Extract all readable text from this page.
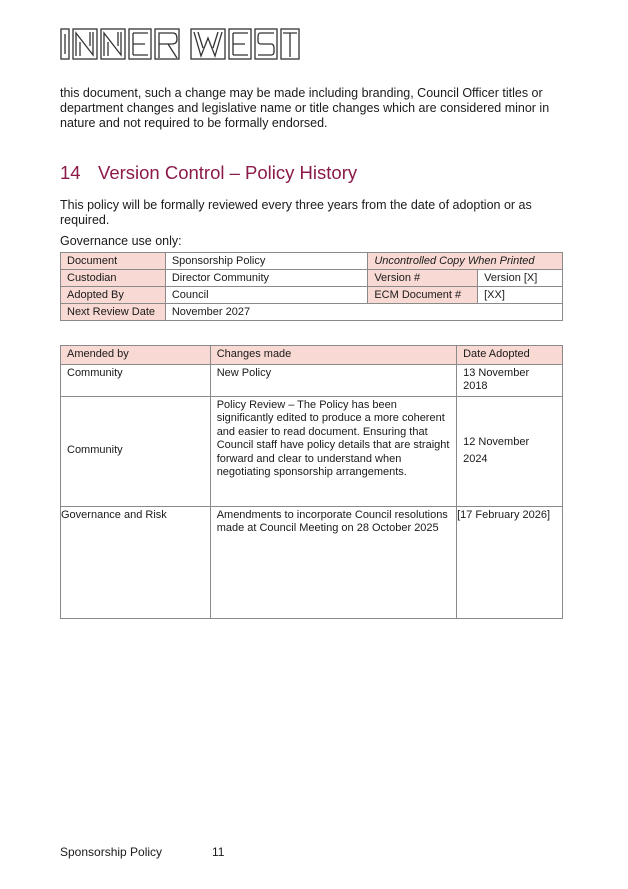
this document, such a change may be made including branding, Council Officer titles or department changes and legislative name or title changes which are considered minor in nature and not required to be formally endorsed.

14 Version Control – Policy History

This policy will be formally reviewed every three years from the date of adoption or as required.

Governance use only:

Document	Sponsorship Policy	Uncontrolled Copy When Printed	
Custodian	Director Community	Version #	Version [X]
Adopted By	Council	ECM Document #	[XX]
Next Review Date	November 2027		
Amended by	Changes made	Date Adopted
Community	New Policy	13 November 2018
Community	Policy Review – The Policy has been significantly edited to produce a more coherent and easier to read document. Ensuring that Council staff have policy details that are straight forward and clear to understand when negotiating sponsorship arrangements.	12 November 2024
Governance and Risk	Amendments to incorporate Council resolutions made at Council Meeting on 28 October 2025	[17 February 2026]
Sponsorship Policy	11
